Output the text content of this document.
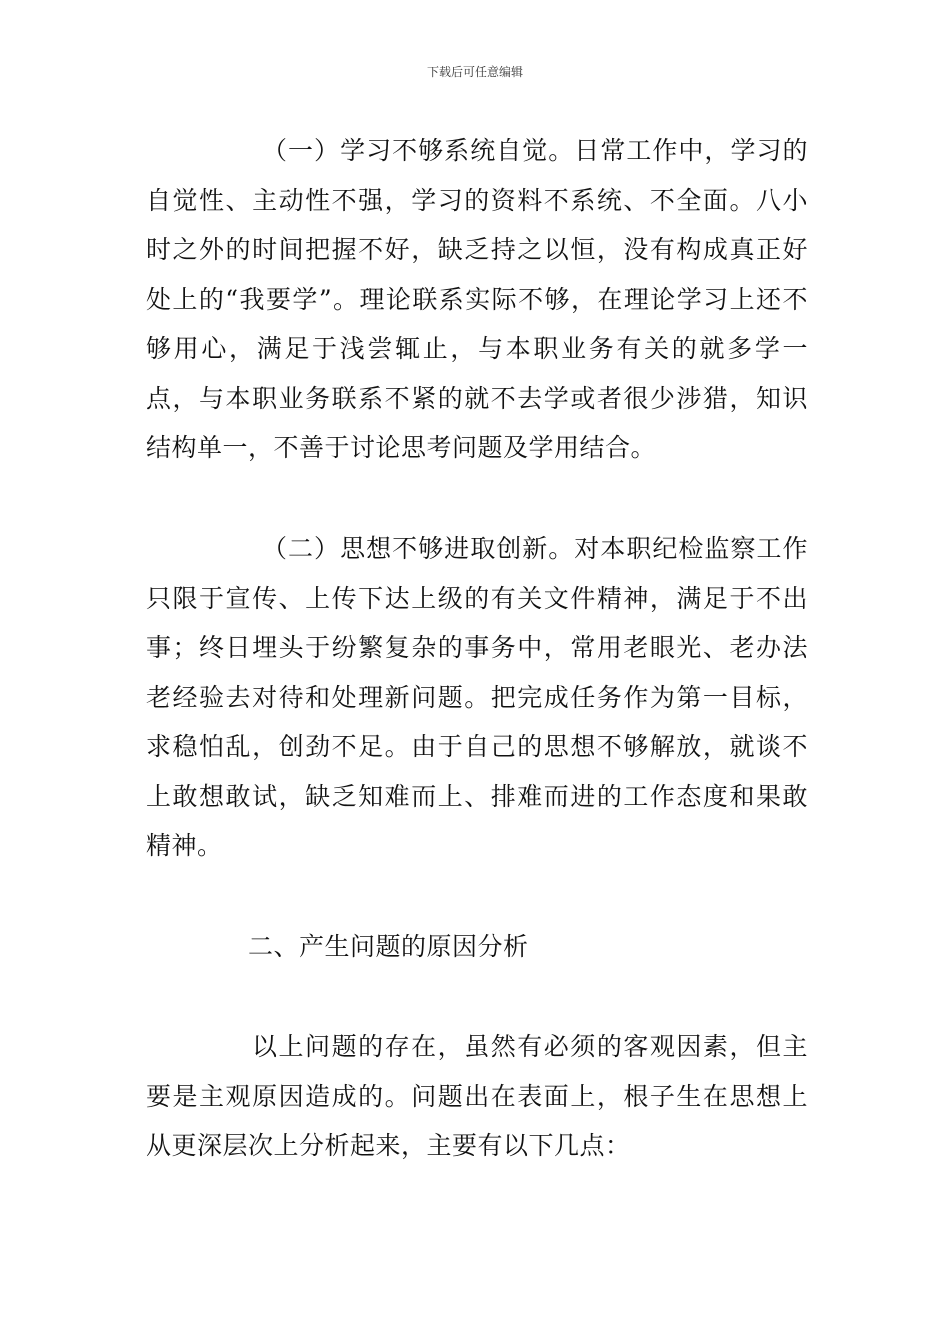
下载后可任意编辑

（一）学习不够系统自觉。日常工作中，学习的自觉性、主动性不强，学习的资料不系统、不全面。八小时之外的时间把握不好，缺乏持之以恒，没有构成真正好处上的“我要学”。理论联系实际不够，在理论学习上还不够用心，满足于浅尝辄止，与本职业务有关的就多学一点，与本职业务联系不紧的就不去学或者很少涉猎，知识结构单一，不善于讨论思考问题及学用结合。

（二）思想不够进取创新。对本职纪检监察工作只限于宣传、上传下达上级的有关文件精神，满足于不出事；终日埋头于纷繁复杂的事务中，常用老眼光、老办法老经验去对待和处理新问题。把完成任务作为第一目标，求稳怕乱，创劲不足。由于自己的思想不够解放，就谈不上敢想敢试，缺乏知难而上、排难而进的工作态度和果敢精神。

二、产生问题的原因分析

以上问题的存在，虽然有必须的客观因素，但主要是主观原因造成的。问题出在表面上，根子生在思想上从更深层次上分析起来，主要有以下几点：
